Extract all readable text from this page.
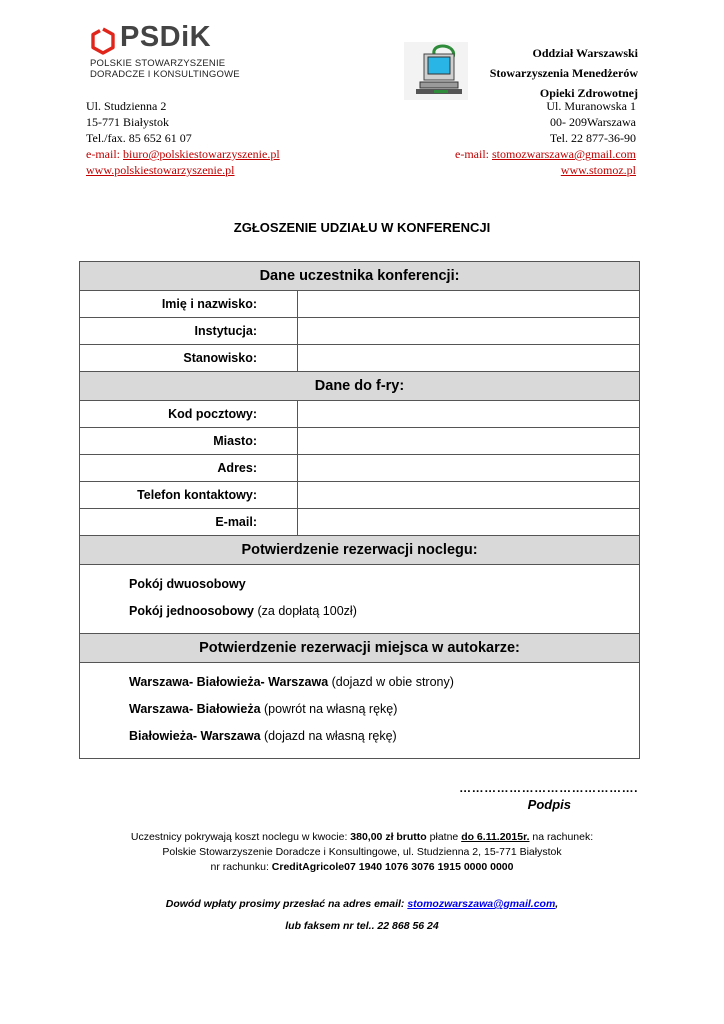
PSDiK
POLSKIE STOWARZYSZENIE
DORADCZE I KONSULTINGOWE
Oddział Warszawski
Stowarzyszenia Menedżerów
Opieki Zdrowotnej
Ul. Studzienna 2
15-771 Białystok
Tel./fax. 85 652 61 07
e-mail: biuro@polskiestowarzyszenie.pl
www.polskiestowarzyszenie.pl
Ul. Muranowska 1
00- 209Warszawa
Tel. 22 877-36-90
e-mail: stomozwarszawa@gmail.com
www.stomoz.pl
ZGŁOSZENIE UDZIAŁU W KONFERENCJI
Dane uczestnika konferencji:	
Imię i nazwisko:	
Instytucja:	
Stanowisko:	
Dane do f-ry:	
Kod pocztowy:	
Miasto:	
Adres:	
Telefon kontaktowy:	
E-mail:	
Potwierdzenie rezerwacji noclegu:	

Pokój dwuosobowy
Pokój jednoosobowy (za dopłatą 100zł)	

Potwierdzenie rezerwacji miejsca w autokarze:	

Warszawa- Białowieża- Warszawa (dojazd w obie strony)
Warszawa- Białowieża (powrót na własną rękę)
Białowieża- Warszawa (dojazd na własną rękę)	
…………………………………….
Podpis
Uczestnicy pokrywają koszt noclegu w kwocie: 380,00 zł brutto płatne do 6.11.2015r. na rachunek:
Polskie Stowarzyszenie Doradcze i Konsultingowe, ul. Studzienna 2, 15-771 Białystok
nr rachunku: CreditAgricole07 1940 1076 3076 1915 0000 0000
Dowód wpłaty prosimy przesłać na adres email: stomozwarszawa@gmail.com,
lub faksem nr tel.. 22 868 56 24
